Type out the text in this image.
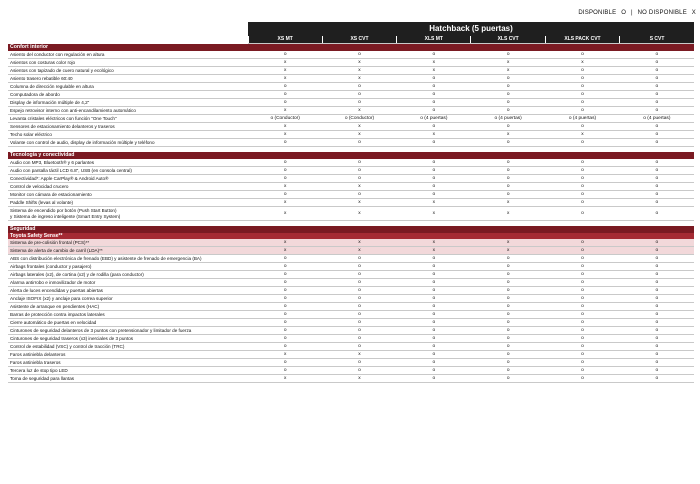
DISPONIBLE O | NO DISPONIBLE X
	Hatchback (5 puertas)					
	XS MT	XS CVT	XLS MT	XLS CVT	XLS PACK CVT	S CVT
Confort interior						
Asiento del conductor con regulación en altura	o	o	o	o	o	o
Asientos con costuras color rojo	x	x	x	x	x	o
Asientos con tapizado de cuero natural y ecológico	x	x	x	x	o	o
Asiento trasero rebatible 60:40	x	x	o	o	o	o
Columna de dirección regulable en altura	o	o	o	o	o	o
Computadora de abordo	o	o	o	o	o	o
Display de información múltiple de 4,2"	o	o	o	o	o	o
Espejo retrovisor interno con anti-encandilamiento automático	x	x	o	o	o	o
Levanta cristales eléctricos con función "One Touch"	o (Conductor)	o (Conductor)	o (4 puertas)	o (4 puertas)	o (4 puertas)	o (4 puertas)
Sensores de estacionamiento delanteros y traseros	x	x	o	o	o	o
Techo solar eléctrico	x	x	x	x	x	o
Volante con control de audio, display de información múltiple y teléfono	o	o	o	o	o	o

Tecnología y conectividad						
Audio con MP3, Bluetooth® y 6 parlantes	o	o	o	o	o	o
Audio con pantalla táctil LCD 6.8", USB (en consola central)	o	o	o	o	o	o
Conectividad*: Apple CarPlay® & Android Auto®	o	o	o	o	o	o
Control de velocidad crucero	x	x	o	o	o	o
Monitor con cámara de estacionamiento	o	o	o	o	o	o
Paddle Shifts (levas al volante)	x	x	x	x	o	o
Sistema de encendido por botón (Push Start Button)
y Sistema de ingreso inteligente (Smart Entry System)	x	x	x	x	o	o

Seguridad						
Toyota Safety Sense**						
Sistema de pre-colisión frontal (PCS)**	x	x	x	x	o	o
Sistema de alerta de cambio de carril (LDA)**	x	x	x	x	o	o
ABS con distribución electrónica de frenado (EBD) y asistente de frenado de emergencia (BA)	o	o	o	o	o	o
Airbags frontales (conductor y pasajero)	o	o	o	o	o	o
Airbags laterales (x2), de cortina (x2) y de rodilla (para conductor)	o	o	o	o	o	o
Alarma antirrobo e inmovilizador de motor	o	o	o	o	o	o
Alerta de luces encendidas y puertas abiertas	o	o	o	o	o	o
Anclaje ISOFIX (x2) y anclaje para correa superior	o	o	o	o	o	o
Asistente de arranque en pendientes (HAC)	o	o	o	o	o	o
Barras de protección contra impactos laterales	o	o	o	o	o	o
Cierre automático de puertas en velocidad	o	o	o	o	o	o
Cinturones de seguridad delanteros de 3 puntos con pretensionador y limitador de fuerza	o	o	o	o	o	o
Cinturones de seguridad traseros (x3) inerciales de 3 puntos	o	o	o	o	o	o
Control de estabilidad (VSC) y control de tracción (TRC)	o	o	o	o	o	o
Faros antiniebla delanteros	x	x	o	o	o	o
Faros antiniebla traseros	o	o	o	o	o	o
Tercera luz de stop tipo LED	o	o	o	o	o	o
Toma de seguridad para llantas	x	x	o	o	o	o
